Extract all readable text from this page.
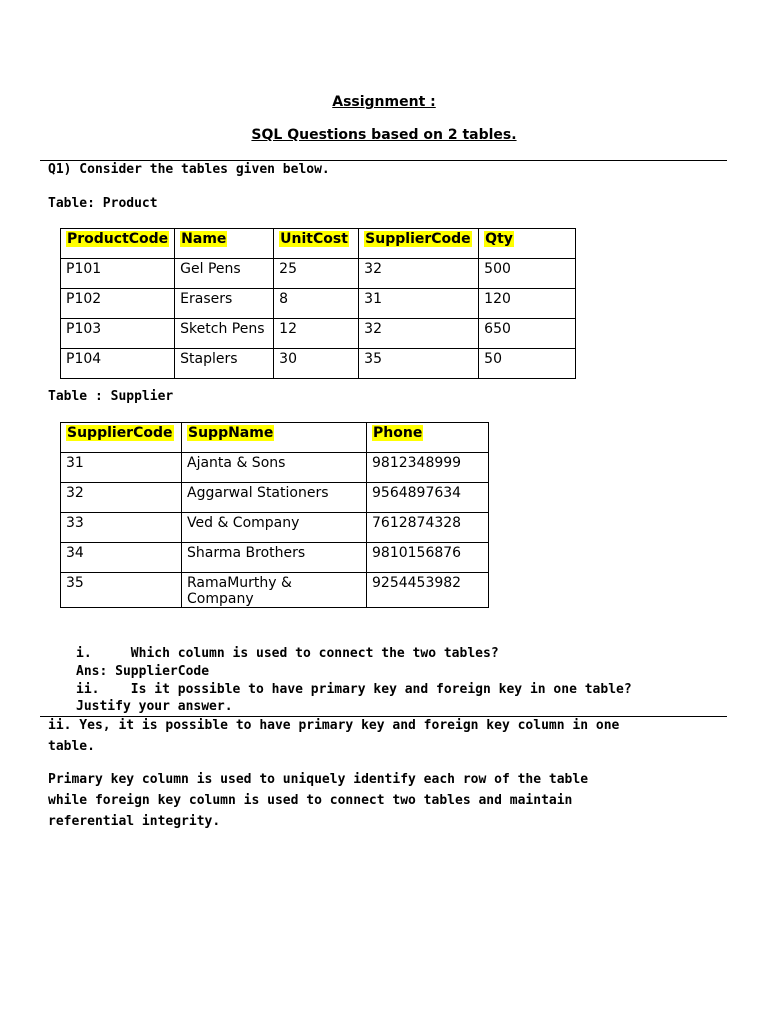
Assignment :
SQL Questions based on 2 tables.
Q1) Consider the tables given below.
Table: Product
ProductCode	Name	UnitCost	SupplierCode	Qty
P101	Gel Pens	25	32	500
P102	Erasers	8	31	120
P103	Sketch Pens	12	32	650
P104	Staplers	30	35	50
Table : Supplier
SupplierCode	SuppName	Phone
31	Ajanta & Sons	9812348999
32	Aggarwal Stationers	9564897634
33	Ved & Company	7612874328
34	Sharma Brothers	9810156876
35	RamaMurthy & Company	9254453982
i.     Which column is used to connect the two tables?
Ans: SupplierCode
ii.    Is it possible to have primary key and foreign key in one table?
Justify your answer.
ii. Yes, it is possible to have primary key and foreign key column in one
table.
Primary key column is used to uniquely identify each row of the table
while foreign key column is used to connect two tables and maintain
referential integrity.
